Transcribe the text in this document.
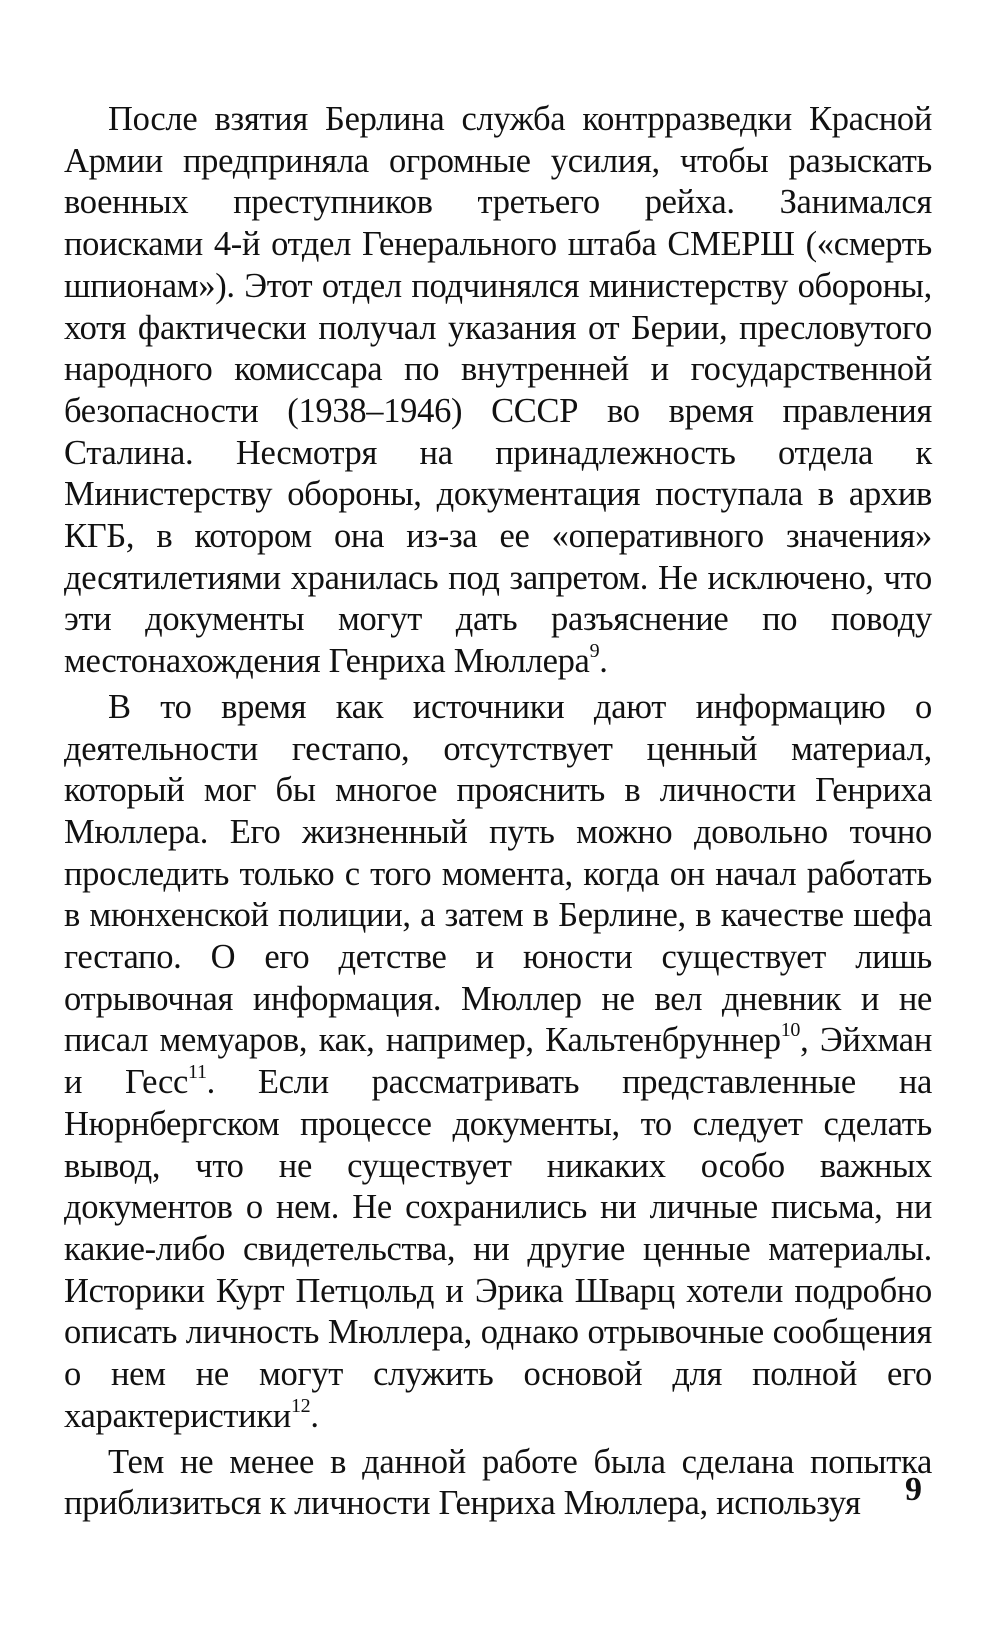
После взятия Берлина служба контрразведки Красной Армии предприняла огромные усилия, чтобы разыскать военных преступников третьего рейха. Занимался поисками 4-й отдел Генерального штаба СМЕРШ («смерть шпионам»). Этот отдел подчинялся министерству обороны, хотя фактически получал указания от Берии, пресловутого народного комиссара по внутренней и государственной безопасности (1938–1946) СССР во время правления Сталина. Несмотря на принадлежность отдела к Министерству обороны, документация поступала в архив КГБ, в котором она из-за ее «оперативного значения» десятилетиями хранилась под запретом. Не исключено, что эти документы могут дать разъяснение по поводу местонахождения Генриха Мюллера$^9$.

В то время как источники дают информацию о деятельности гестапо, отсутствует ценный материал, который мог бы многое прояснить в личности Генриха Мюллера. Его жизненный путь можно довольно точно проследить только с того момента, когда он начал работать в мюнхенской полиции, а затем в Берлине, в качестве шефа гестапо. О его детстве и юности существует лишь отрывочная информация. Мюллер не вел дневник и не писал мемуаров, как, например, Кальтенбруннер$^{10}$, Эйхман и Гесс$^{11}$. Если рассматривать представленные на Нюрнбергском процессе документы, то следует сделать вывод, что не существует никаких особо важных документов о нем. Не сохранились ни личные письма, ни какие-либо свидетельства, ни другие ценные материалы. Историки Курт Петцольд и Эрика Шварц хотели подробно описать личность Мюллера, однако отрывочные сообщения о нем не могут служить основой для полной его характеристики$^{12}$.

Тем не менее в данной работе была сделана попытка приблизиться к личности Генриха Мюллера, используя	9
